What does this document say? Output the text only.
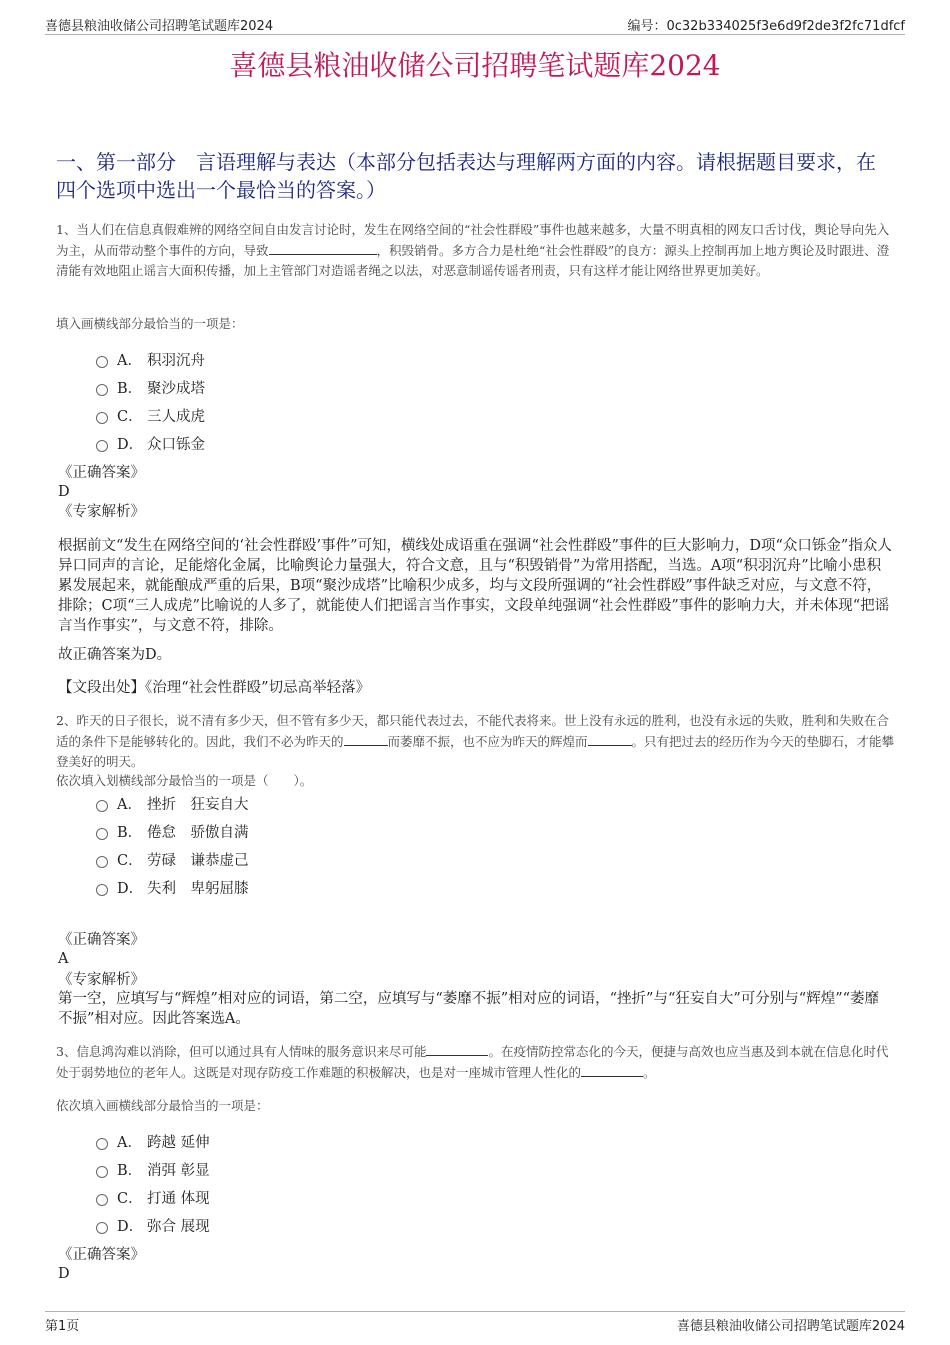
喜德县粮油收储公司招聘笔试题库2024	编号：0c32b334025f3e6d9f2de3f2fc71dfcf
喜德县粮油收储公司招聘笔试题库2024
一、第一部分　言语理解与表达（本部分包括表达与理解两方面的内容。请根据题目要求，在四个选项中选出一个最恰当的答案。）
1、当人们在信息真假难辨的网络空间自由发言讨论时，发生在网络空间的“社会性群殴”事件也越来越多，大量不明真相的网友口舌讨伐，舆论导向先入为主，从而带动整个事件的方向，导致	，积毁销骨。多方合力是杜绝“社会性群殴”的良方：源头上控制再加上地方舆论及时跟进、澄清能有效地阻止谣言大面积传播，加上主管部门对造谣者绳之以法，对恶意制谣传谣者刑责，只有这样才能让网络世界更加美好。
填入画横线部分最恰当的一项是：
A． 积羽沉舟
B． 聚沙成塔
C． 三人成虎
D． 众口铄金
《正确答案》
D
《专家解析》
根据前文“发生在网络空间的‘社会性群殴’事件”可知，横线处成语重在强调“社会性群殴”事件的巨大影响力，D项“众口铄金”指众人异口同声的言论，足能熔化金属，比喻舆论力量强大，符合文意，且与“积毁销骨”为常用搭配，当选。A项“积羽沉舟”比喻小患积累发展起来，就能酿成严重的后果，B项“聚沙成塔”比喻积少成多，均与文段所强调的“社会性群殴”事件缺乏对应，与文意不符，排除；C项“三人成虎”比喻说的人多了，就能使人们把谣言当作事实，文段单纯强调“社会性群殴”事件的影响力大，并未体现“把谣言当作事实”，与文意不符，排除。
故正确答案为D。
【文段出处】《治理“社会性群殴”切忌高举轻落》
2、昨天的日子很长，说不清有多少天，但不管有多少天，都只能代表过去，不能代表将来。世上没有永远的胜利，也没有永远的失败，胜利和失败在合适的条件下是能够转化的。因此，我们不必为昨天的	而萎靡不振，也不应为昨天的辉煌而	。只有把过去的经历作为今天的垫脚石，才能攀登美好的明天。
依次填入划横线部分最恰当的一项是（　　）。
A． 挫折　狂妄自大
B． 倦怠　骄傲自满
C． 劳碌　谦恭虚己
D． 失利　卑躬屈膝
《正确答案》
A
《专家解析》
第一空，应填写与“辉煌”相对应的词语，第二空，应填写与“萎靡不振”相对应的词语，“挫折”与“狂妄自大”可分别与“辉煌”“萎靡不振”相对应。因此答案选A。
3、信息鸿沟难以消除，但可以通过具有人情味的服务意识来尽可能	。在疫情防控常态化的今天，便捷与高效也应当惠及到本就在信息化时代处于弱势地位的老年人。这既是对现存防疫工作难题的积极解决，也是对一座城市管理人性化的	。
依次填入画横线部分最恰当的一项是：
A． 跨越 延伸
B． 消弭 彰显
C． 打通 体现
D． 弥合 展现
《正确答案》
D
第1页	喜德县粮油收储公司招聘笔试题库2024
